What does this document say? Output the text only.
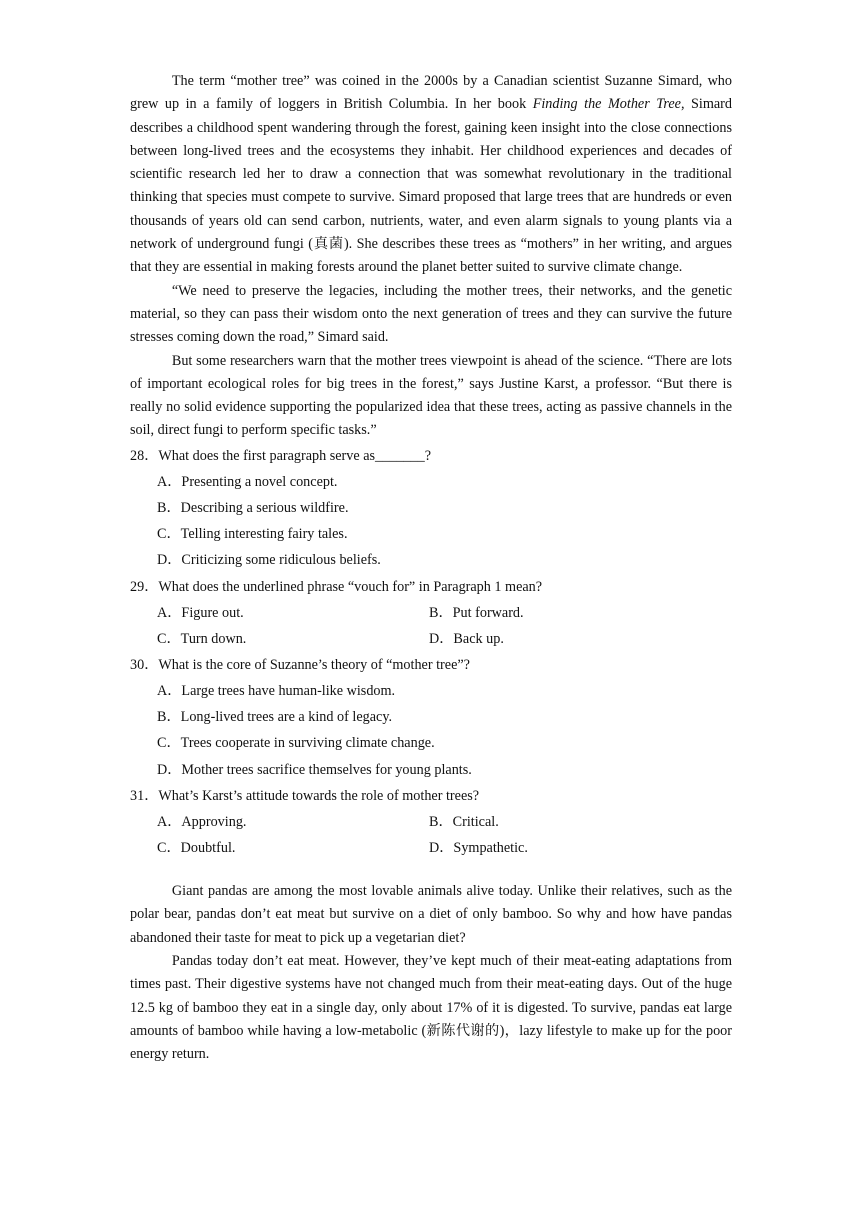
The term “mother tree” was coined in the 2000s by a Canadian scientist Suzanne Simard, who grew up in a family of loggers in British Columbia. In her book Finding the Mother Tree, Simard describes a childhood spent wandering through the forest, gaining keen insight into the close connections between long-lived trees and the ecosystems they inhabit. Her childhood experiences and decades of scientific research led her to draw a connection that was somewhat revolutionary in the traditional thinking that species must compete to survive. Simard proposed that large trees that are hundreds or even thousands of years old can send carbon, nutrients, water, and even alarm signals to young plants via a network of underground fungi (真菌). She describes these trees as “mothers” in her writing, and argues that they are essential in making forests around the planet better suited to survive climate change.

“We need to preserve the legacies, including the mother trees, their networks, and the genetic material, so they can pass their wisdom onto the next generation of trees and they can survive the future stresses coming down the road,” Simard said.

But some researchers warn that the mother trees viewpoint is ahead of the science. “There are lots of important ecological roles for big trees in the forest,” says Justine Karst, a professor. “But there is really no solid evidence supporting the popularized idea that these trees, acting as passive channels in the soil, direct fungi to perform specific tasks.”

28．What does the first paragraph serve as_______?

A．Presenting a novel concept.

B．Describing a serious wildfire.

C．Telling interesting fairy tales.

D．Criticizing some ridiculous beliefs.

29．What does the underlined phrase “vouch for” in Paragraph 1 mean?

A．Figure out.	B．Put forward.
C．Turn down.	D．Back up.

30．What is the core of Suzanne’s theory of “mother tree”?

A．Large trees have human-like wisdom.

B．Long-lived trees are a kind of legacy.

C．Trees cooperate in surviving climate change.

D．Mother trees sacrifice themselves for young plants.

31．What’s Karst’s attitude towards the role of mother trees?

A．Approving.	B．Critical.
C．Doubtful.	D．Sympathetic.

Giant pandas are among the most lovable animals alive today. Unlike their relatives, such as the polar bear, pandas don’t eat meat but survive on a diet of only bamboo. So why and how have pandas abandoned their taste for meat to pick up a vegetarian diet?

Pandas today don’t eat meat. However, they’ve kept much of their meat-eating adaptations from times past. Their digestive systems have not changed much from their meat-eating days. Out of the huge 12.5 kg of bamboo they eat in a single day, only about 17% of it is digested. To survive, pandas eat large amounts of bamboo while having a low-metabolic (新陈代谢的)，lazy lifestyle to make up for the poor energy return.
